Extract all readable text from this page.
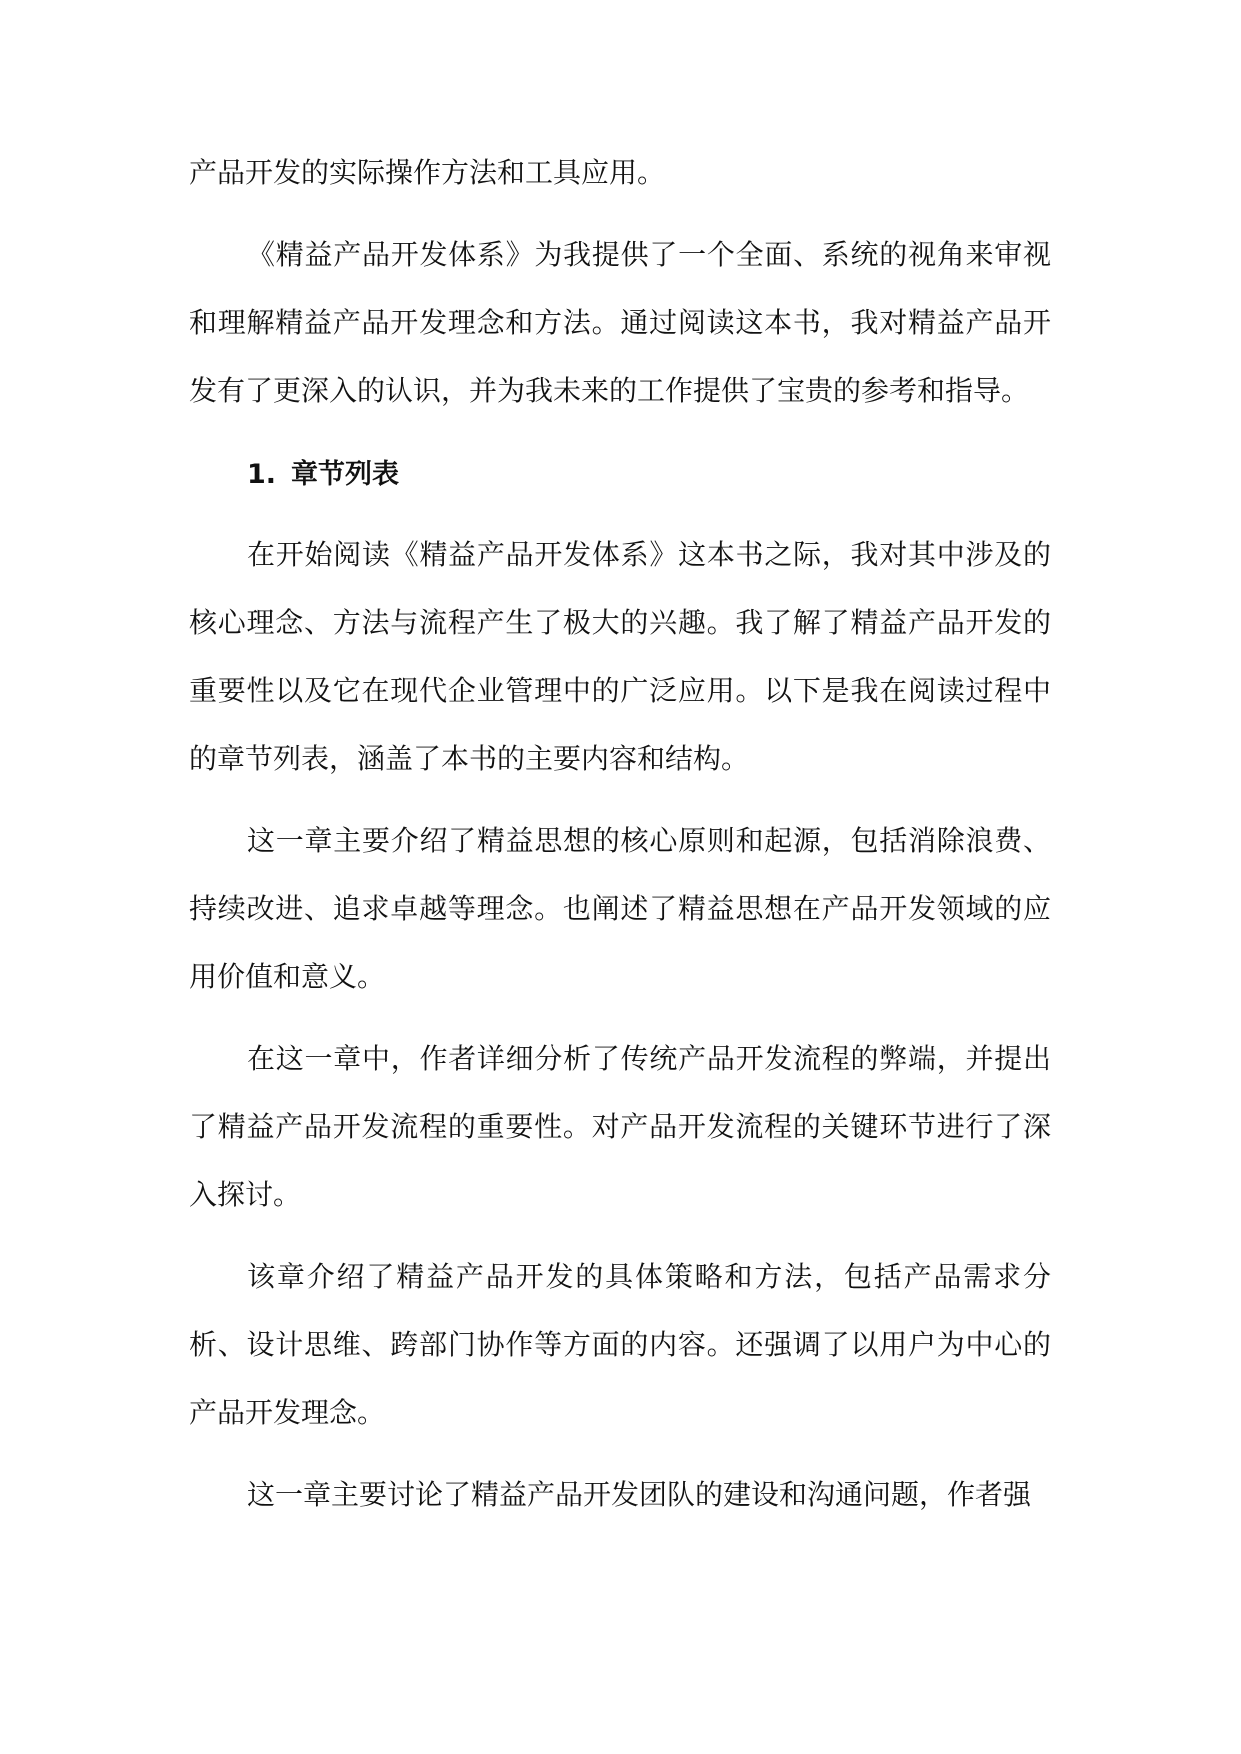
产品开发的实际操作方法和工具应用。

《精益产品开发体系》为我提供了一个全面、系统的视角来审视和理解精益产品开发理念和方法。通过阅读这本书，我对精益产品开发有了更深入的认识，并为我未来的工作提供了宝贵的参考和指导。

1. 章节列表

在开始阅读《精益产品开发体系》这本书之际，我对其中涉及的核心理念、方法与流程产生了极大的兴趣。我了解了精益产品开发的重要性以及它在现代企业管理中的广泛应用。以下是我在阅读过程中的章节列表，涵盖了本书的主要内容和结构。

这一章主要介绍了精益思想的核心原则和起源，包括消除浪费、持续改进、追求卓越等理念。也阐述了精益思想在产品开发领域的应用价值和意义。

在这一章中，作者详细分析了传统产品开发流程的弊端，并提出了精益产品开发流程的重要性。对产品开发流程的关键环节进行了深入探讨。

该章介绍了精益产品开发的具体策略和方法，包括产品需求分析、设计思维、跨部门协作等方面的内容。还强调了以用户为中心的产品开发理念。

这一章主要讨论了精益产品开发团队的建设和沟通问题，作者强
